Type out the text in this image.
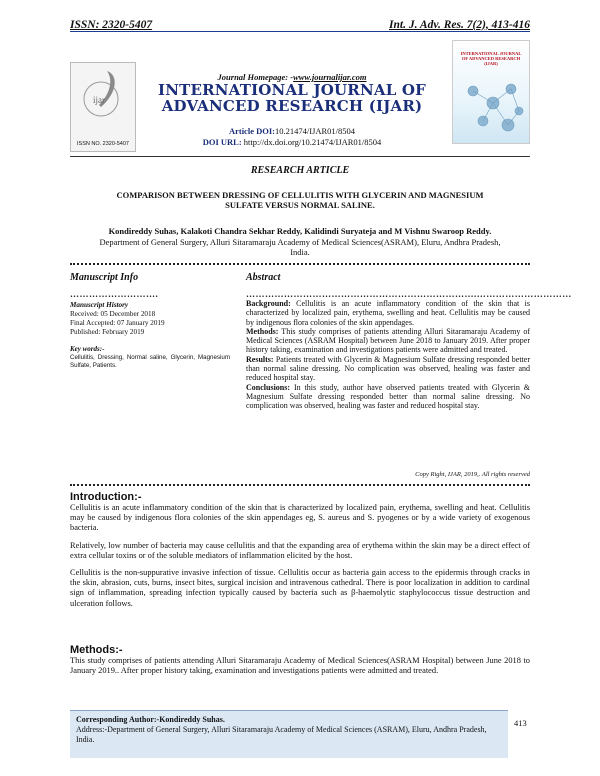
ISSN: 2320-5407	Int. J. Adv. Res. 7(2), 413-416
ijar
ISSN NO. 2320-5407
Journal Homepage: -www.journalijar.com
INTERNATIONAL JOURNAL OF
ADVANCED RESEARCH (IJAR)
Article DOI:10.21474/IJAR01/8504
DOI URL: http://dx.doi.org/10.21474/IJAR01/8504
INTERNATIONAL JOURNAL OF ADVANCED RESEARCH (IJAR)
RESEARCH ARTICLE
COMPARISON BETWEEN DRESSING OF CELLULITIS WITH GLYCERIN AND MAGNESIUM
SULFATE VERSUS NORMAL SALINE.
Kondireddy Suhas, Kalakoti Chandra Sekhar Reddy, Kalidindi Suryateja and M Vishnu Swaroop Reddy.
Department of General Surgery, Alluri Sitaramaraju Academy of Medical Sciences(ASRAM), Eluru, Andhra Pradesh, India.
Manuscript Info
……………………….
Manuscript History
Received: 05 December 2018
Final Accepted: 07 January 2019
Published: February 2019
Key words:-
Cellulitis, Dressing, Normal saline, Glycerin, Magnesium Sulfate, Patients.
Abstract
……………………………………………………………….…………………………

Background: Cellulitis is an acute inflammatory condition of the skin that is characterized by localized pain, erythema, swelling and heat. Cellulitis may be caused by indigenous flora colonies of the skin appendages.

Methods: This study comprises of patients attending Alluri Sitaramaraju Academy of Medical Sciences (ASRAM Hospital) between June 2018 to January 2019. After proper history taking, examination and investigations patients were admitted and treated.

Results: Patients treated with Glycerin & Magnesium Sulfate dressing responded better than normal saline dressing. No complication was observed, healing was faster and reduced hospital stay.

Conclusions: In this study, author have observed patients treated with Glycerin & Magnesium Sulfate dressing responded better than normal saline dressing. No complication was observed, healing was faster and reduced hospital stay.

Copy Right, IJAR, 2019,. All rights reserved
Introduction:-

Cellulitis is an acute inflammatory condition of the skin that is characterized by localized pain, erythema, swelling and heat. Cellulitis may be caused by indigenous flora colonies of the skin appendages eg, S. aureus and S. pyogenes or by a wide variety of exogenous bacteria.

Relatively, low number of bacteria may cause cellulitis and that the expanding area of erythema within the skin may be a direct effect of extra cellular toxins or of the soluble mediators of inflammation elicited by the host.

Cellulitis is the non-suppurative invasive infection of tissue. Cellulitis occur as bacteria gain access to the epidermis through cracks in the skin, abrasion, cuts, burns, insect bites, surgical incision and intravenous cathedral. There is poor localization in addition to cardinal sign of inflammation, spreading infection typically caused by bacteria such as β-haemolytic staphylococcus tissue destruction and ulceration follows.

Methods:-

This study comprises of patients attending Alluri Sitaramaraju Academy of Medical Sciences(ASRAM Hospital) between June 2018 to January 2019.. After proper history taking, examination and investigations patients were admitted and treated.

Corresponding Author:-Kondireddy Suhas.
Address:-Department of General Surgery, Alluri Sitaramaraju Academy of Medical Sciences (ASRAM), Eluru, Andhra Pradesh, India.
413
